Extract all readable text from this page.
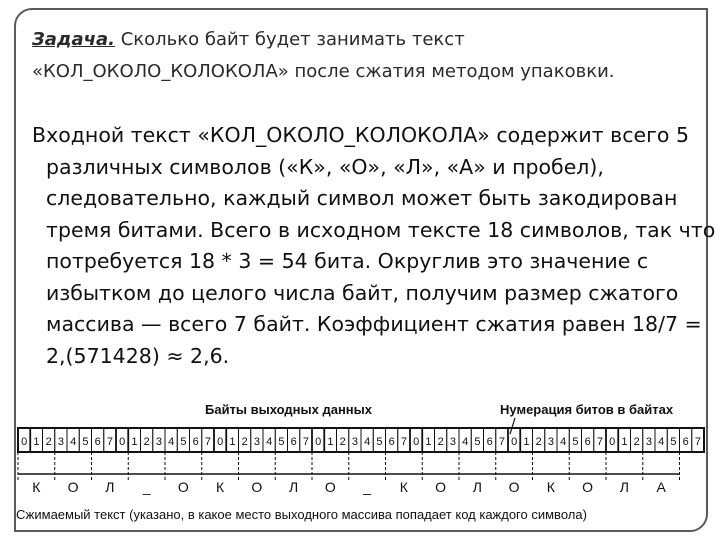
Задача. Сколько байт будет занимать текст «КОЛ_ОКОЛО_КОЛОКОЛА» после сжатия методом упаковки.
Входной текст «КОЛ_ОКОЛО_КОЛОКОЛА» содержит всего 5 различных символов («К», «О», «Л», «А» и пробел), следовательно, каждый символ может быть закодирован тремя битами. Всего в исходном тексте 18 символов, так что потребуется 18 * 3 = 54 бита. Округлив это значение с избытком до целого числа байт, получим размер сжатого массива — всего 7 байт. Коэффициент сжатия равен 18/7 = 2,(571428) ≈ 2,6.
Байты выходных данных	Нумерация битов в байтах
0 1 2 3 4 5 6 7 0 1 2 3 4 5 6 7 0 1 2 3 4 5 6 7 0 1 2 3 4 5 6 7 0 1 2 3 4 5 6 7 0 1 2 3 4 5 6 7 0 1 2 3 4 5 6 7
К О Л _ О К О Л О _ К О Л О К О Л А
Сжимаемый текст (указано, в какое место выходного массива попадает код каждого символа)
